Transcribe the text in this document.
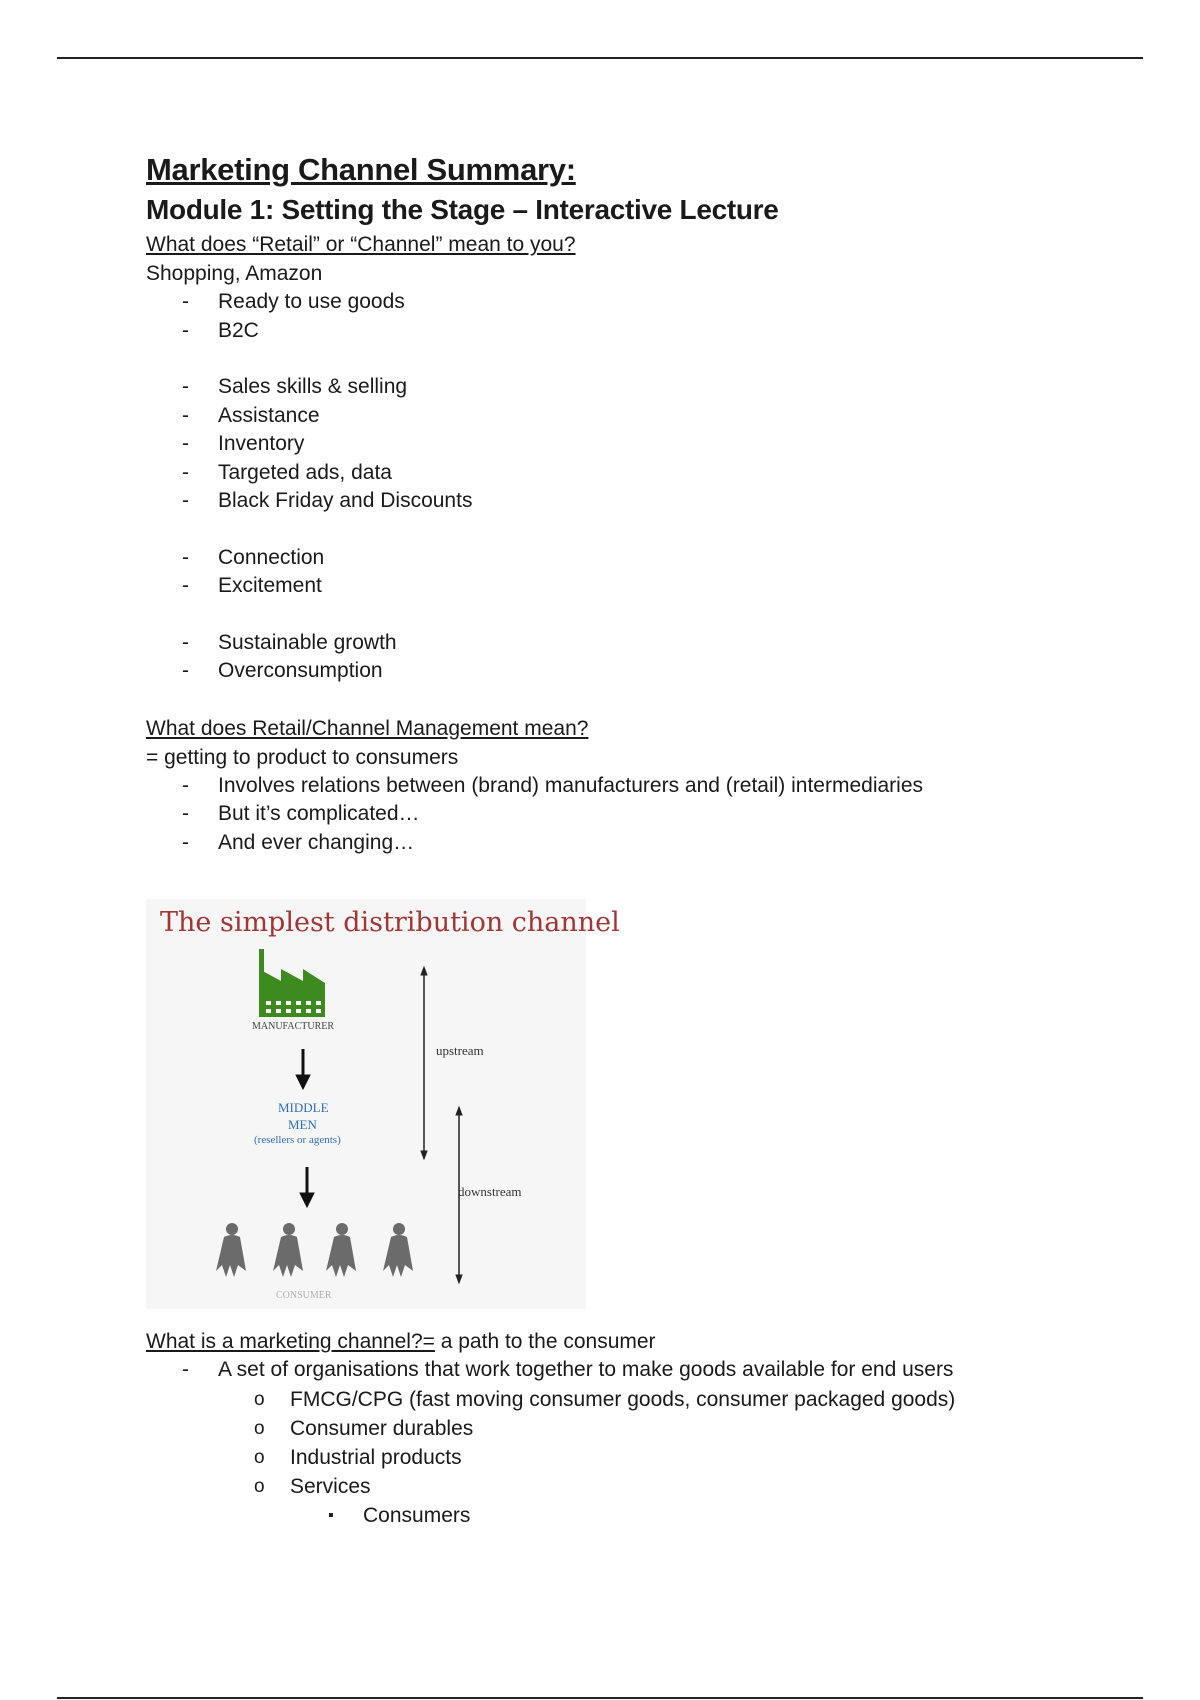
Marketing Channel Summary:
Module 1: Setting the Stage – Interactive Lecture

What does “Retail” or “Channel” mean to you?

Shopping, Amazon

- Ready to use goods
- B2C
- Sales skills & selling
- Assistance
- Inventory
- Targeted ads, data
- Black Friday and Discounts
- Connection
- Excitement
- Sustainable growth
- Overconsumption

What does Retail/Channel Management mean?

= getting to product to consumers

- Involves relations between (brand) manufacturers and (retail) intermediaries
- But it’s complicated…
- And ever changing…
The simplest distribution channel
MANUFACTURER
MIDDLE
MEN
(resellers or agents)
CONSUMER
upstream
downstream

What is a marketing channel?= a path to the consumer

- A set of organisations that work together to make goods available for end users
o FMCG/CPG (fast moving consumer goods, consumer packaged goods)
o Consumer durables
o Industrial products
o Services
▪ Consumers
